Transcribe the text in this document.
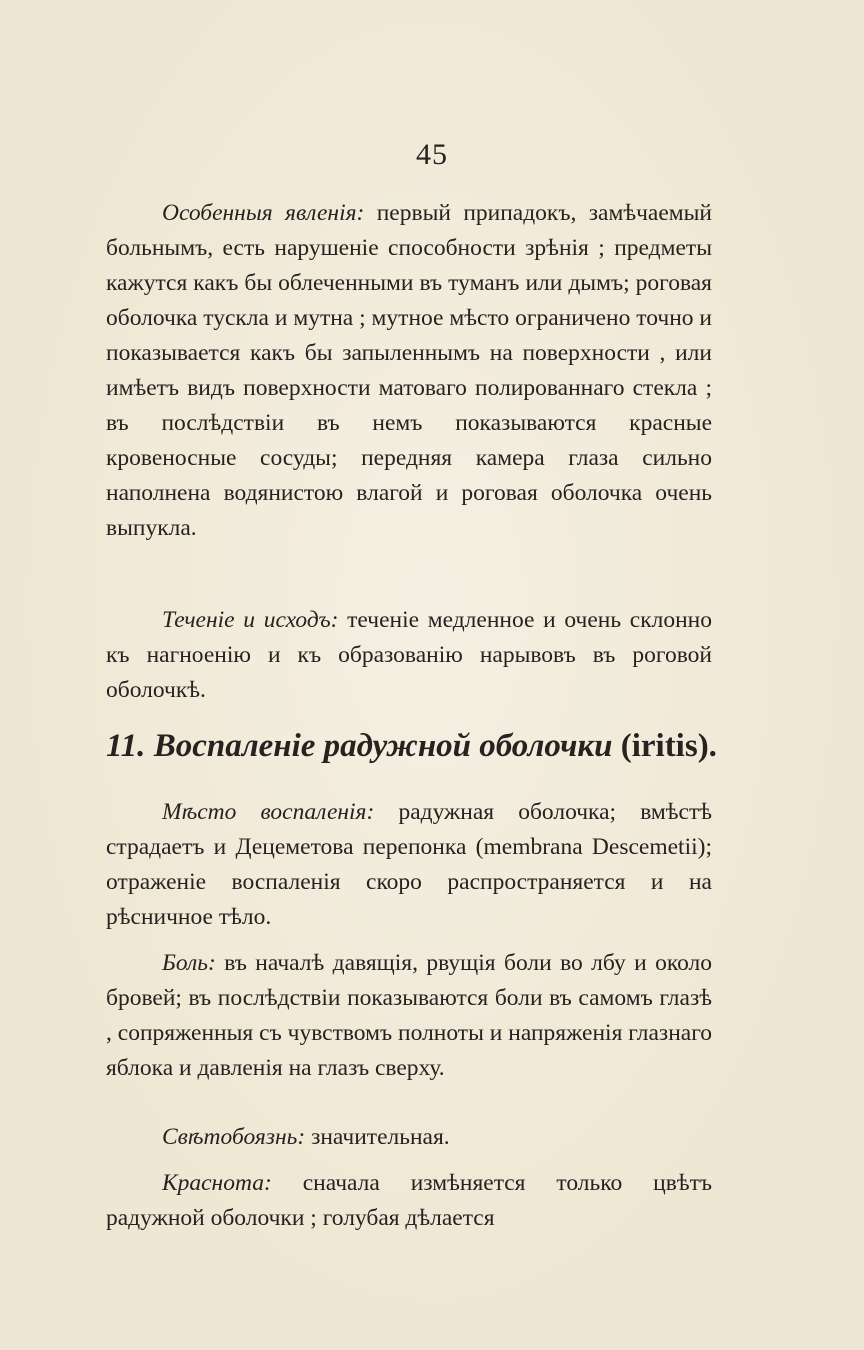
45

Особенныя явленія: первый припадокъ, замѣчаемый больнымъ, есть нарушеніе способности зрѣнія ; предметы кажутся какъ бы облеченными въ туманъ или дымъ; роговая оболочка тускла и мутна ; мутное мѣсто ограничено точно и показывается какъ бы запыленнымъ на поверхности , или имѣетъ видъ поверхности матоваго полированнаго стекла ; въ послѣдствіи въ немъ показываются красные кровеносные сосуды; передняя камера глаза сильно наполнена водянистою влагой и роговая оболочка очень выпукла.

Теченіе и исходъ: теченіе медленное и очень склонно къ нагноенію и къ образованію нарывовъ въ роговой оболочкѣ.

11. Воспаленіе радужной оболочки (iritis).

Мѣсто воспаленія: радужная оболочка; вмѣстѣ страдаетъ и Децеметова перепонка (membrana Descemetii); отраженіе воспаленія скоро распространяется и на рѣсничное тѣло.

Боль: въ началѣ давящія, рвущія боли во лбу и около бровей; въ послѣдствіи показываются боли въ самомъ глазѣ , сопряженныя съ чувствомъ полноты и напряженія глазнаго яблока и давленія на глазъ сверху.

Свѣтобоязнь: значительная.

Краснота: сначала измѣняется только цвѣтъ радужной оболочки ; голубая дѣлается
